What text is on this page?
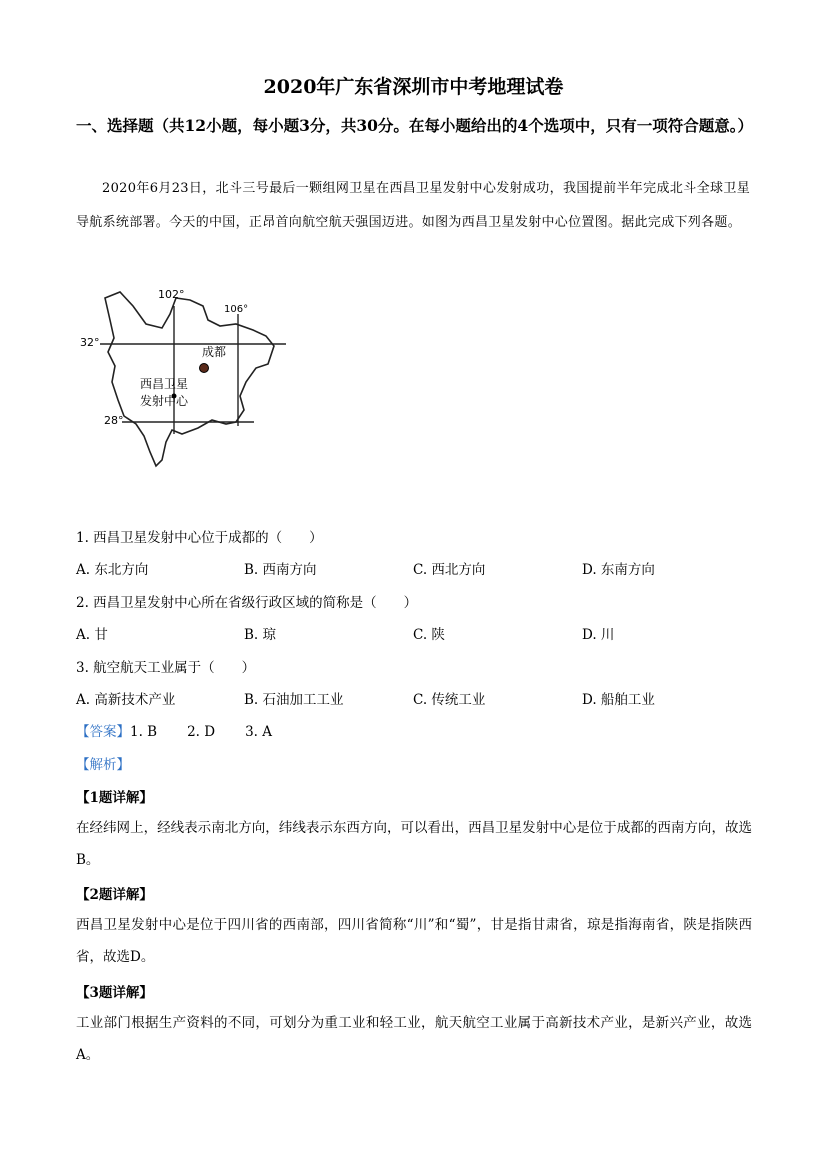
2020年广东省深圳市中考地理试卷
一、选择题（共12小题，每小题3分，共30分。在每小题给出的4个选项中，只有一项符合题意。）
2020年6月23日，北斗三号最后一颗组网卫星在西昌卫星发射中心发射成功，我国提前半年完成北斗全球卫星导航系统部署。今天的中国，正昂首向航空航天强国迈进。如图为西昌卫星发射中心位置图。据此完成下列各题。
102°
106°
32°
28°
成都
西昌卫星
发射中心
1. 西昌卫星发射中心位于成都的（　　）
A. 东北方向	B. 西南方向	C. 西北方向	D. 东南方向
2. 西昌卫星发射中心所在省级行政区域的简称是（　　）
A. 甘	B. 琼	C. 陕	D. 川
3. 航空航天工业属于（　　）
A. 高新技术产业	B. 石油加工工业	C. 传统工业	D. 船舶工业
【答案】1. B 2. D 3. A
【解析】
【1题详解】
在经纬网上，经线表示南北方向，纬线表示东西方向，可以看出，西昌卫星发射中心是位于成都的西南方向，故选B。
【2题详解】
西昌卫星发射中心是位于四川省的西南部，四川省简称“川”和“蜀”，甘是指甘肃省，琼是指海南省，陕是指陕西省，故选D。
【3题详解】
工业部门根据生产资料的不同，可划分为重工业和轻工业，航天航空工业属于高新技术产业，是新兴产业，故选A。
